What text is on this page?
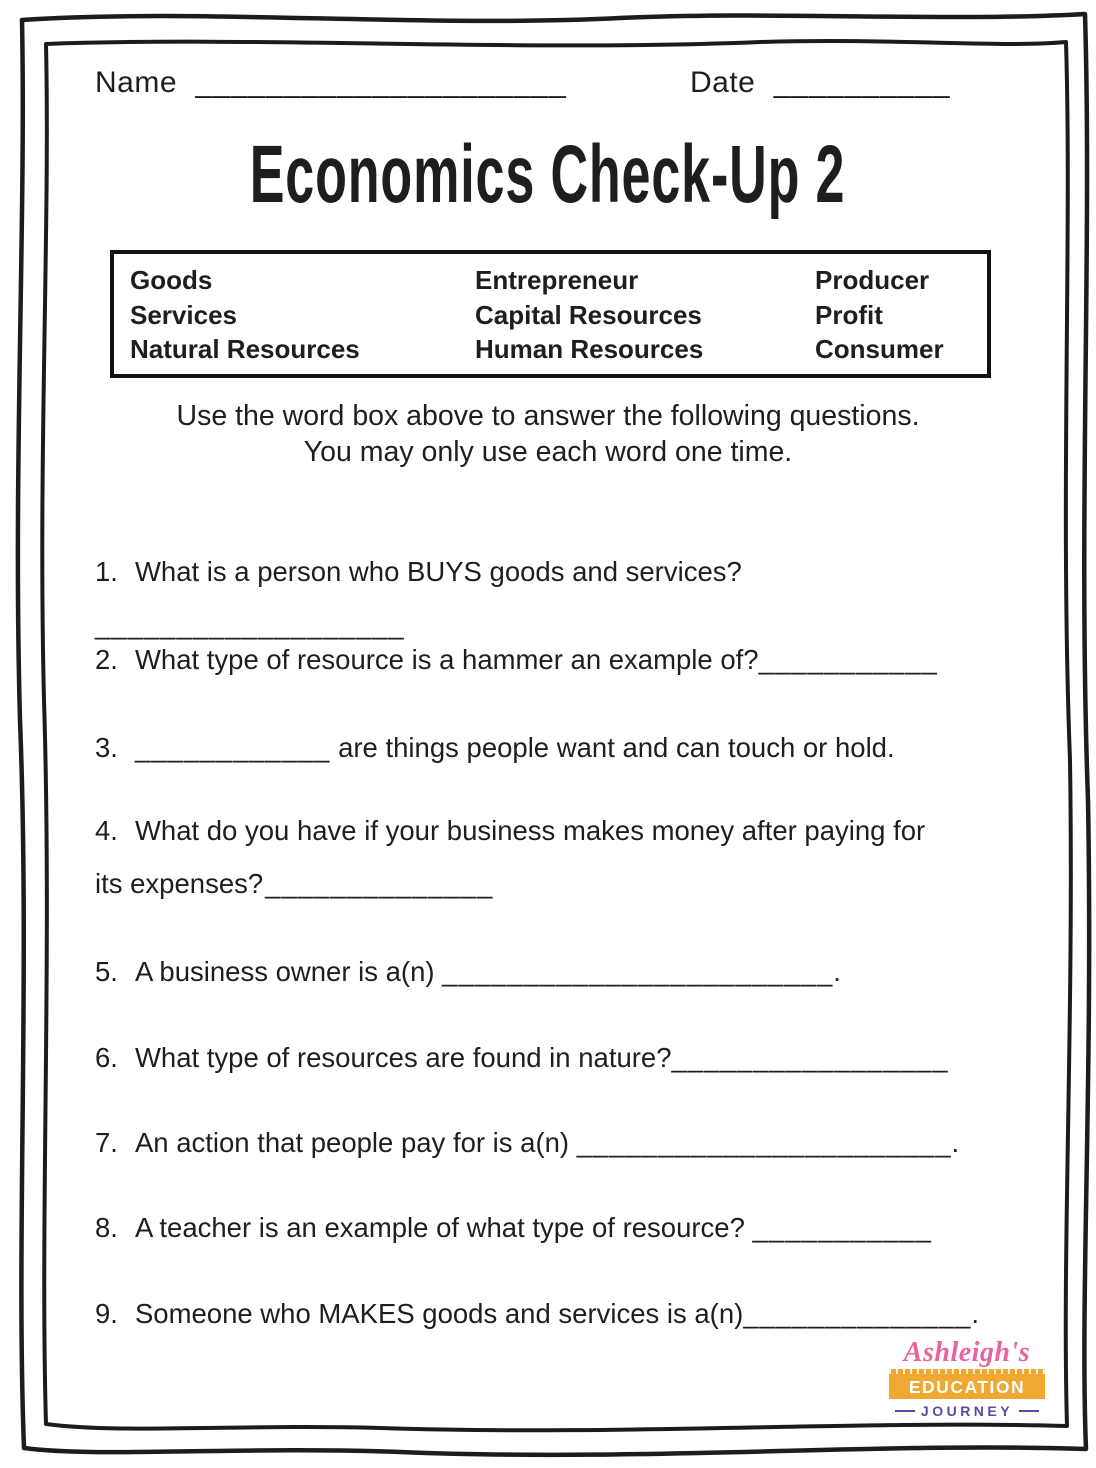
Name _____________________	Date __________
Economics Check-Up 2
Goods
Services
Natural Resources
Entrepreneur
Capital Resources
Human Resources
Producer
Profit
Consumer
Use the word box above to answer the following questions.
You may only use each word one time.
1. What is a person who BUYS goods and services?___________________
2. What type of resource is a hammer an example of?___________
3. ____________ are things people want and can touch or hold.
4. What do you have if your business makes money after paying for
its expenses?______________
5. A business owner is a(n) ________________________.
6. What type of resources are found in nature?_________________
7. An action that people pay for is a(n) _______________________.
8. A teacher is an example of what type of resource? ___________
9. Someone who MAKES goods and services is a(n)______________.
Ashleigh's
EDUCATION
JOURNEY
